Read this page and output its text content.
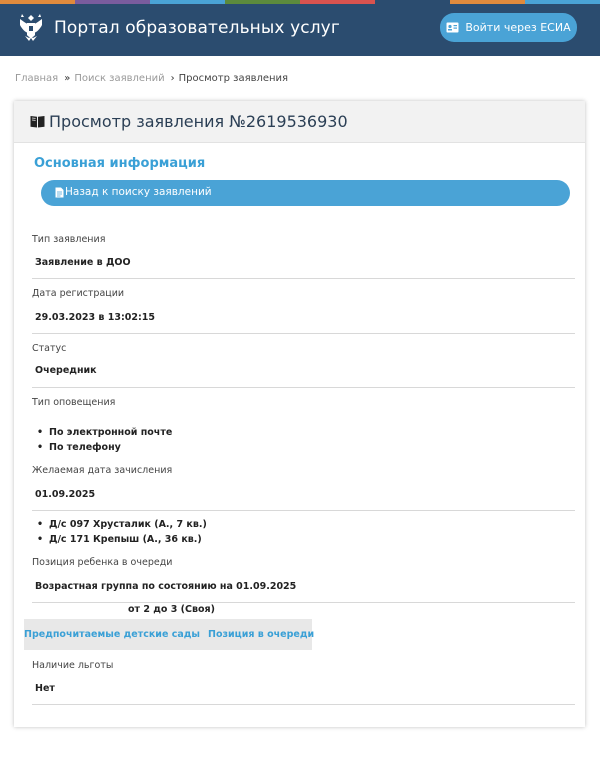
Портал образовательных услуг	Войти через ЕСИА
Главная » Поиск заявлений › Просмотр заявления
Просмотр заявления №2619536930
Основная информация
Назад к поиску заявлений
Тип заявления
Заявление в ДОО
Дата регистрации
29.03.2023 в 13:02:15
Статус
Очередник
Тип оповещения
• По электронной почте
• По телефону
Желаемая дата зачисления
01.09.2025
• Д/с 097 Хрусталик (А., 7 кв.)
• Д/с 171 Крепыш (А., 36 кв.)
Позиция ребенка в очереди
Возрастная группа по состоянию на 01.09.2025
от 2 до 3 (Своя)
Предпочитаемые детские сады Позиция в очереди
Наличие льготы
Нет
